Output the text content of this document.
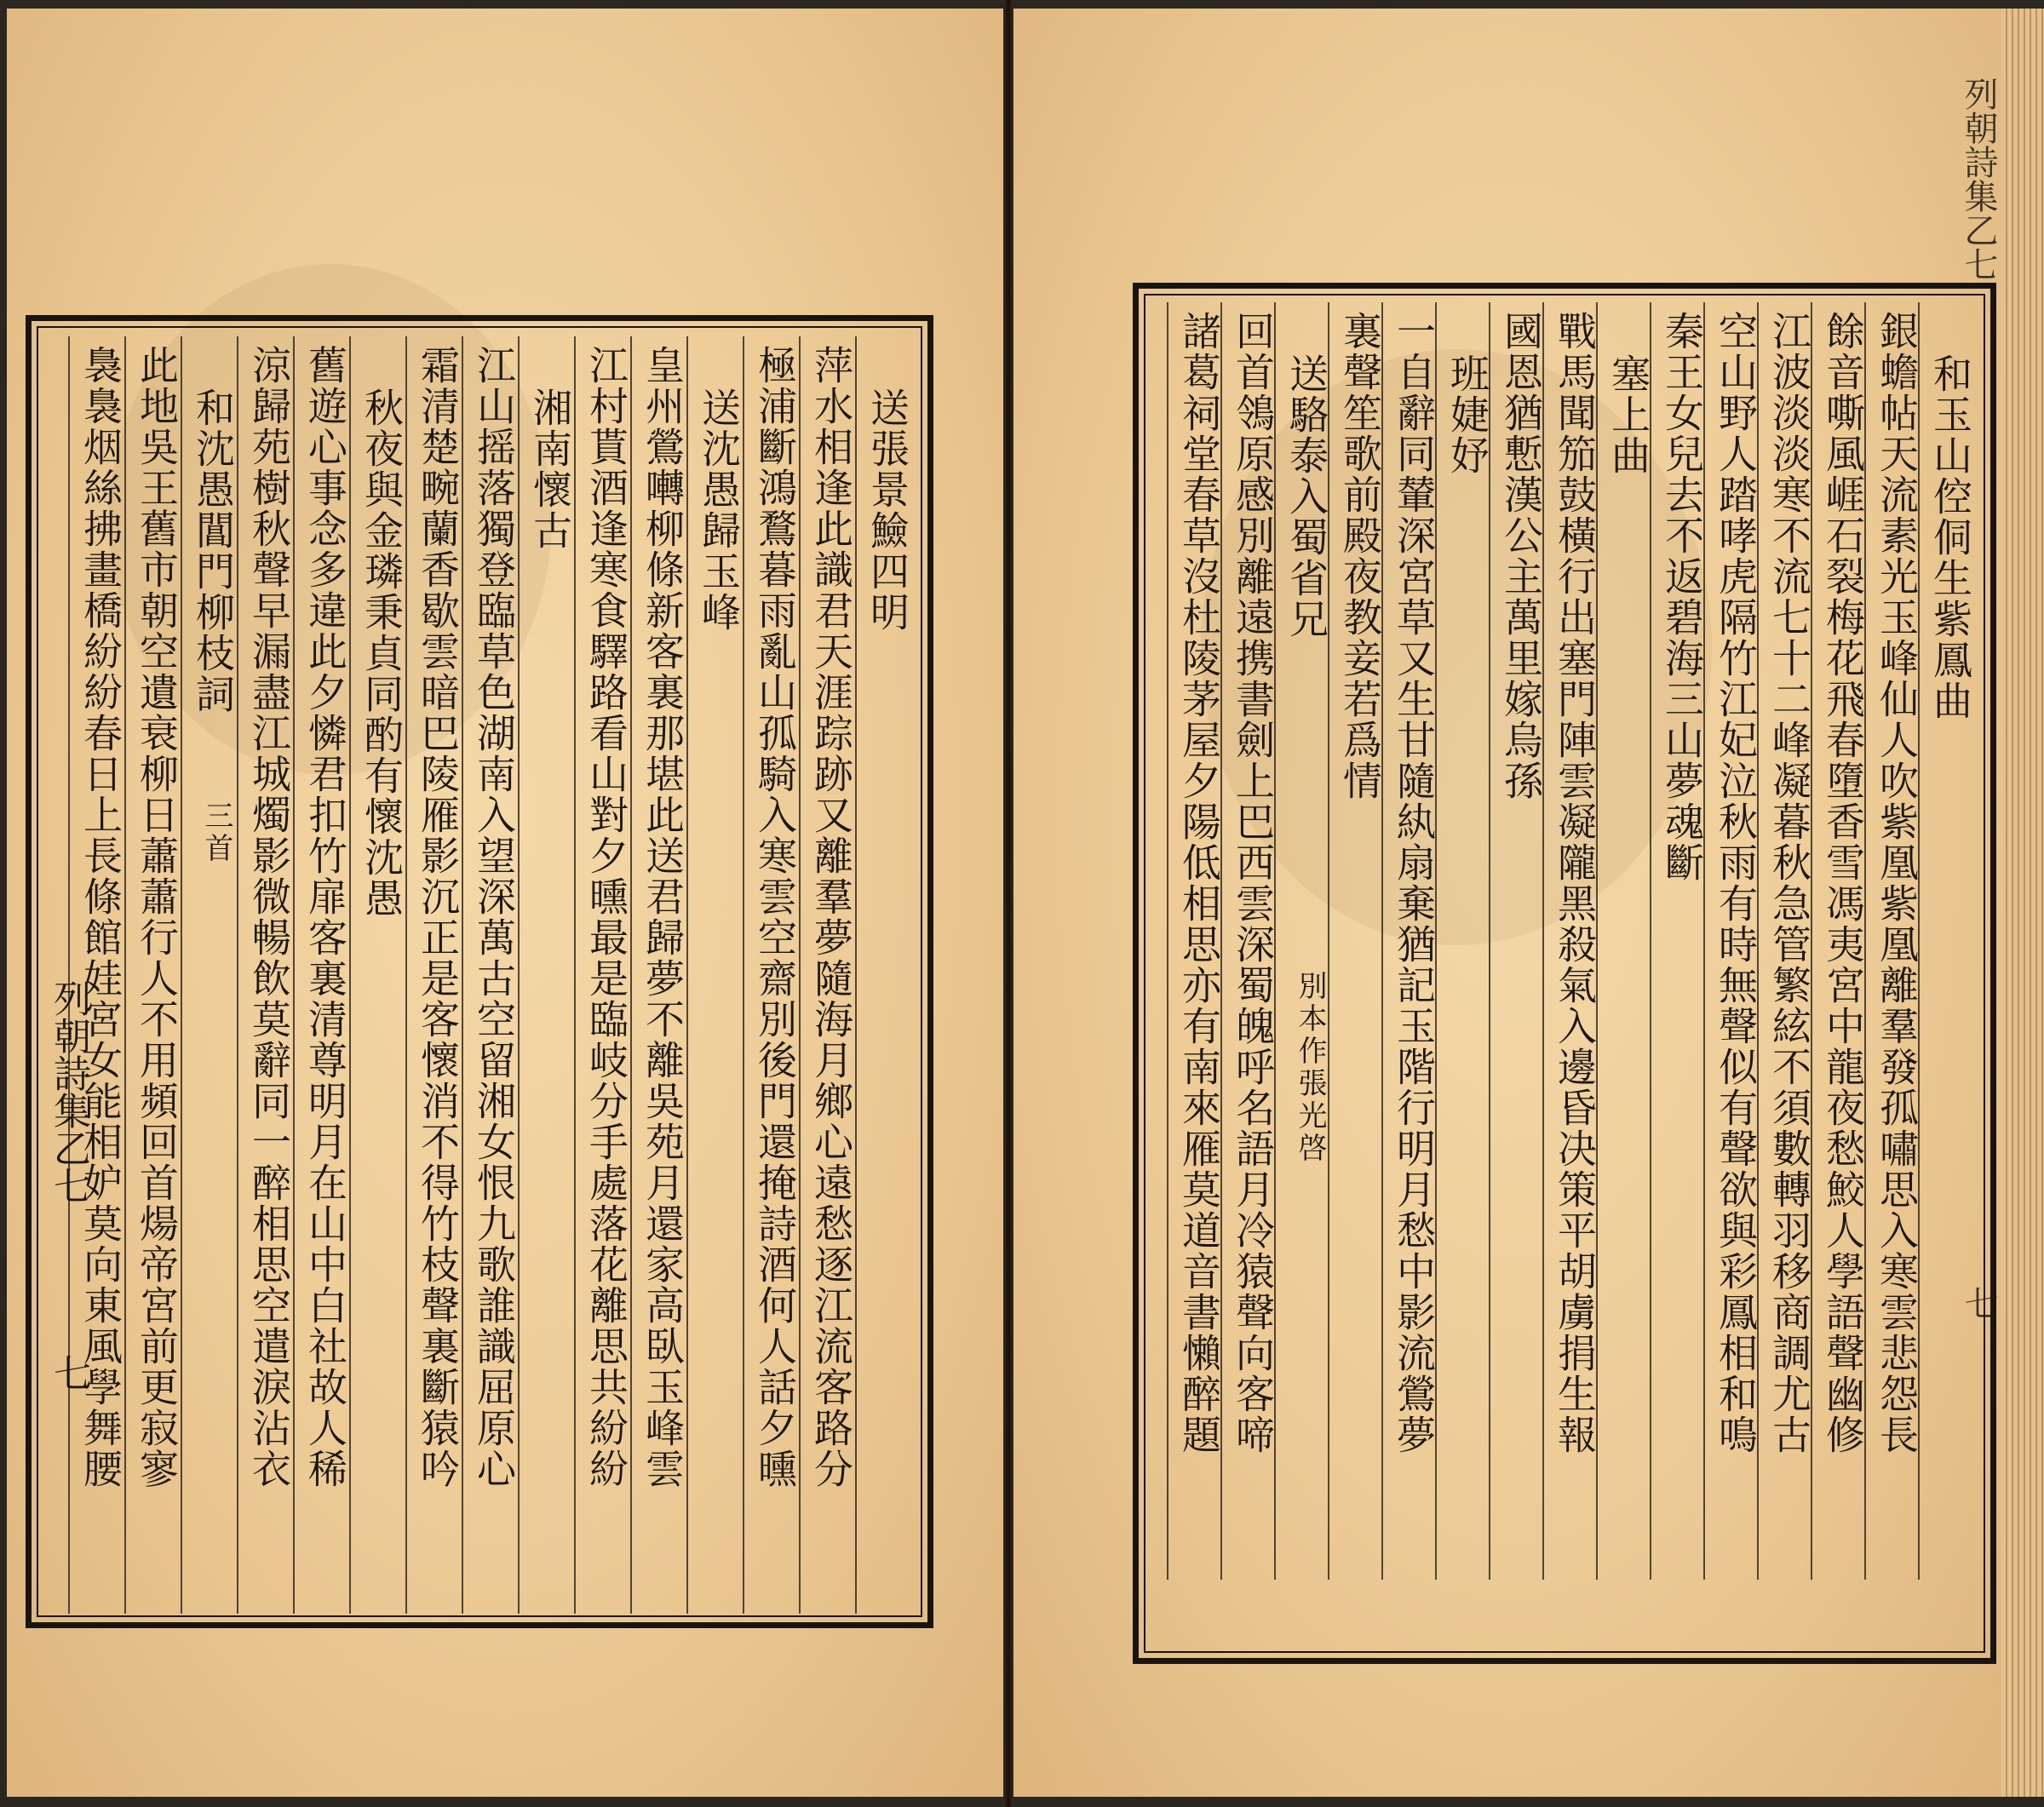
送張景䲓四明
萍水相逢此識君天涯踪跡又離羣夢隨海月鄉心遠愁逐江流客路分
極浦斷鴻鶩暮雨亂山孤騎入寒雲空齋別後門還掩詩酒何人話夕曛
送沈愚歸玉峰
皇州鶯囀柳條新客裏那堪此送君歸夢不離吳苑月還家高臥玉峰雲
江村貰酒逢寒食驛路看山對夕曛最是臨岐分手處落花離思共紛紛
湘南懷古
江山摇落獨登臨草色湖南入望深萬古空留湘女恨九歌誰識屈原心
霜清楚畹蘭香歇雲暗巴陵雁影沉正是客懷消不得竹枝聲裏斷猿吟
秋夜與金璘秉貞同酌有懷沈愚
舊遊心事念多違此夕憐君扣竹扉客裏清尊明月在山中白社故人稀
涼歸苑樹秋聲早漏盡江城燭影微暢飲莫辭同一醉相思空遣淚沾衣
和沈愚閶門柳枝詞
此地吳王舊市朝空遺衰柳日蕭蕭行人不用頻回首煬帝宮前更寂寥
裊裊烟絲拂畫橋紛紛春日上長條館娃宮女能相妒莫向東風學舞腰	三首
列朝詩集乙七
七
和玉山倥侗生紫鳳曲
銀蟾帖天流素光玉峰仙人吹紫凰紫凰離羣發孤嘯思入寒雲悲怨長
餘音嘶風崕石裂梅花飛春墮香雪馮夷宮中龍夜愁鮫人學語聲幽修
江波淡淡寒不流七十二峰凝暮秋急管繁絃不須數轉羽移商調尤古
空山野人踏哮虎隔竹江妃泣秋雨有時無聲似有聲欲與彩鳳相和鳴
秦王女兒去不返碧海三山夢魂斷
塞上曲
戰馬聞笳鼓橫行出塞門陣雲凝隴黑殺氣入邊昏决策平胡虜捐生報
國恩猶慙漢公主萬里嫁烏孫
班婕妤
一自辭同輦深宮草又生甘隨紈扇棄猶記玉階行明月愁中影流鶯夢
裏聲笙歌前殿夜教妾若爲情
送駱泰入蜀省兄
回首鴒原感別離遠携書劍上巴西雲深蜀魄呼名語月冷猿聲向客啼
諸葛祠堂春草沒杜陵茅屋夕陽低相思亦有南來雁莫道音書懶醉題 別本作張光啓
列朝詩集乙七
七
